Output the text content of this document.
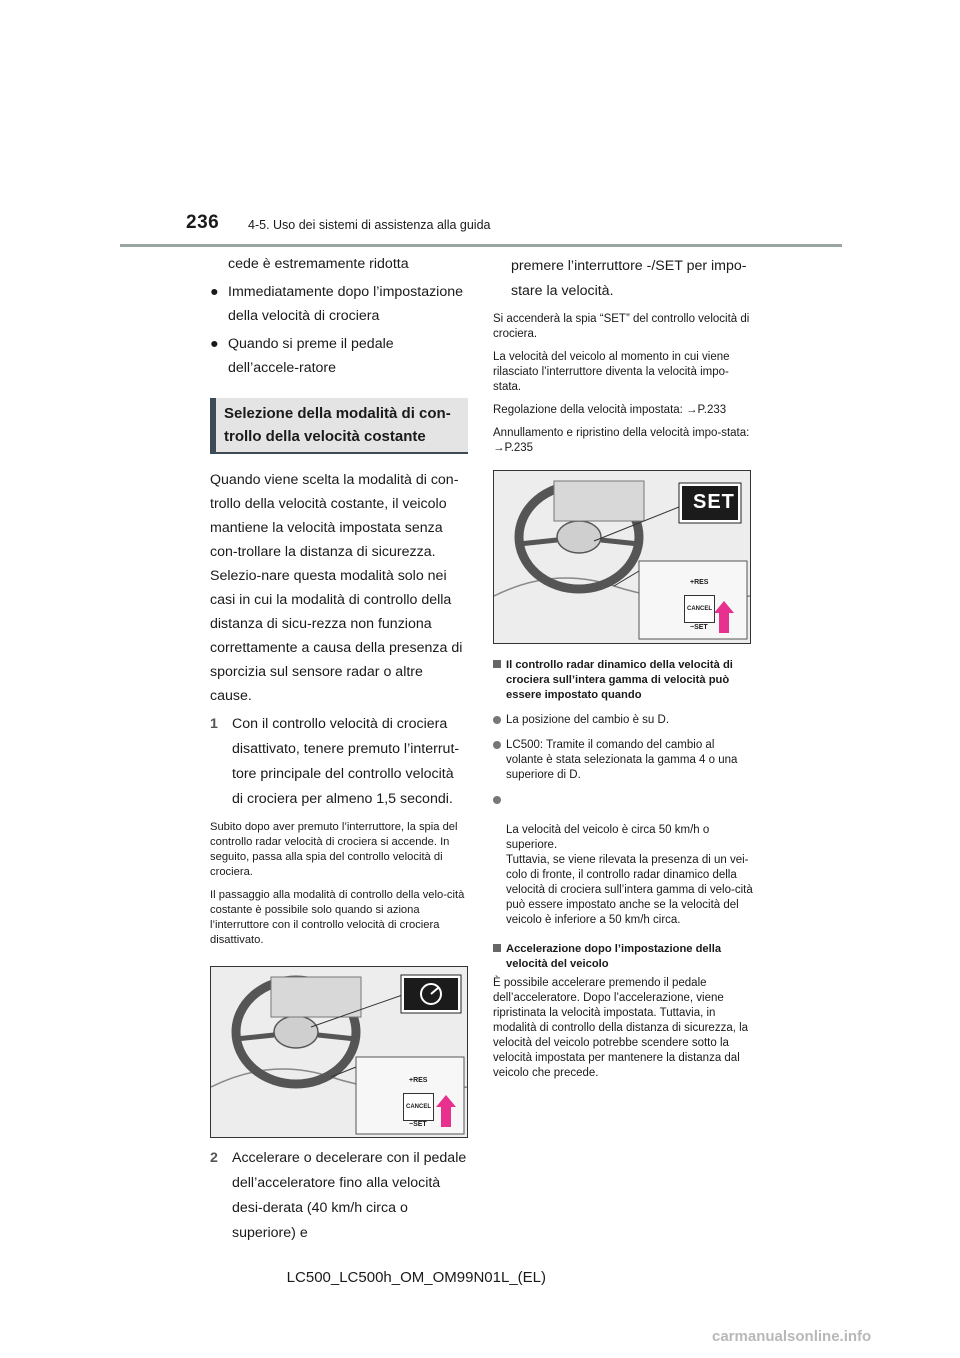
236 4-5. Uso dei sistemi di assistenza alla guida

cede è estremamente ridotta

● Immediatamente dopo l’impostazione della velocità di crociera
● Quando si preme il pedale dell’accele-ratore
Selezione della modalità di con-trollo della velocità costante

Quando viene scelta la modalità di con-trollo della velocità costante, il veicolo mantiene la velocità impostata senza con-trollare la distanza di sicurezza. Selezio-nare questa modalità solo nei casi in cui la modalità di controllo della distanza di sicu-rezza non funziona correttamente a causa della presenza di sporcizia sul sensore radar o altre cause.

1 Con il controllo velocità di crociera disattivato, tenere premuto l’interrut-tore principale del controllo velocità di crociera per almeno 1,5 secondi.

Subito dopo aver premuto l’interruttore, la spia del controllo radar velocità di crociera si accende. In seguito, passa alla spia del controllo velocità di crociera.

Il passaggio alla modalità di controllo della velo-cità costante è possibile solo quando si aziona l’interruttore con il controllo velocità di crociera disattivato.

+RES
CANCEL
−SET
2 Accelerare o decelerare con il pedale dell’acceleratore fino alla velocità desi-derata (40 km/h circa o superiore) e

premere l’interruttore -/SET per impo-stare la velocità.

Si accenderà la spia “SET” del controllo velocità di crociera.

La velocità del veicolo al momento in cui viene rilasciato l’interruttore diventa la velocità impo-stata.

Regolazione della velocità impostata: →P.233

Annullamento e ripristino della velocità impo-stata: →P.235

SET
+RES
CANCEL
−SET
Il controllo radar dinamico della velocità di crociera sull’intera gamma di velocità può essere impostato quando
La posizione del cambio è su D.
LC500: Tramite il comando del cambio al volante è stata selezionata la gamma 4 o una superiore di D.

La velocità del veicolo è circa 50 km/h o superiore.
Tuttavia, se viene rilevata la presenza di un vei-colo di fronte, il controllo radar dinamico della velocità di crociera sull’intera gamma di velo-cità può essere impostato anche se la velocità del veicolo è inferiore a 50 km/h circa.

Accelerazione dopo l’impostazione della velocità del veicolo

È possibile accelerare premendo il pedale dell’acceleratore. Dopo l’accelerazione, viene ripristinata la velocità impostata. Tuttavia, in modalità di controllo della distanza di sicurezza, la velocità del veicolo potrebbe scendere sotto la velocità impostata per mantenere la distanza dal veicolo che precede.

LC500_LC500h_OM_OM99N01L_(EL)
carmanualsonline.info
